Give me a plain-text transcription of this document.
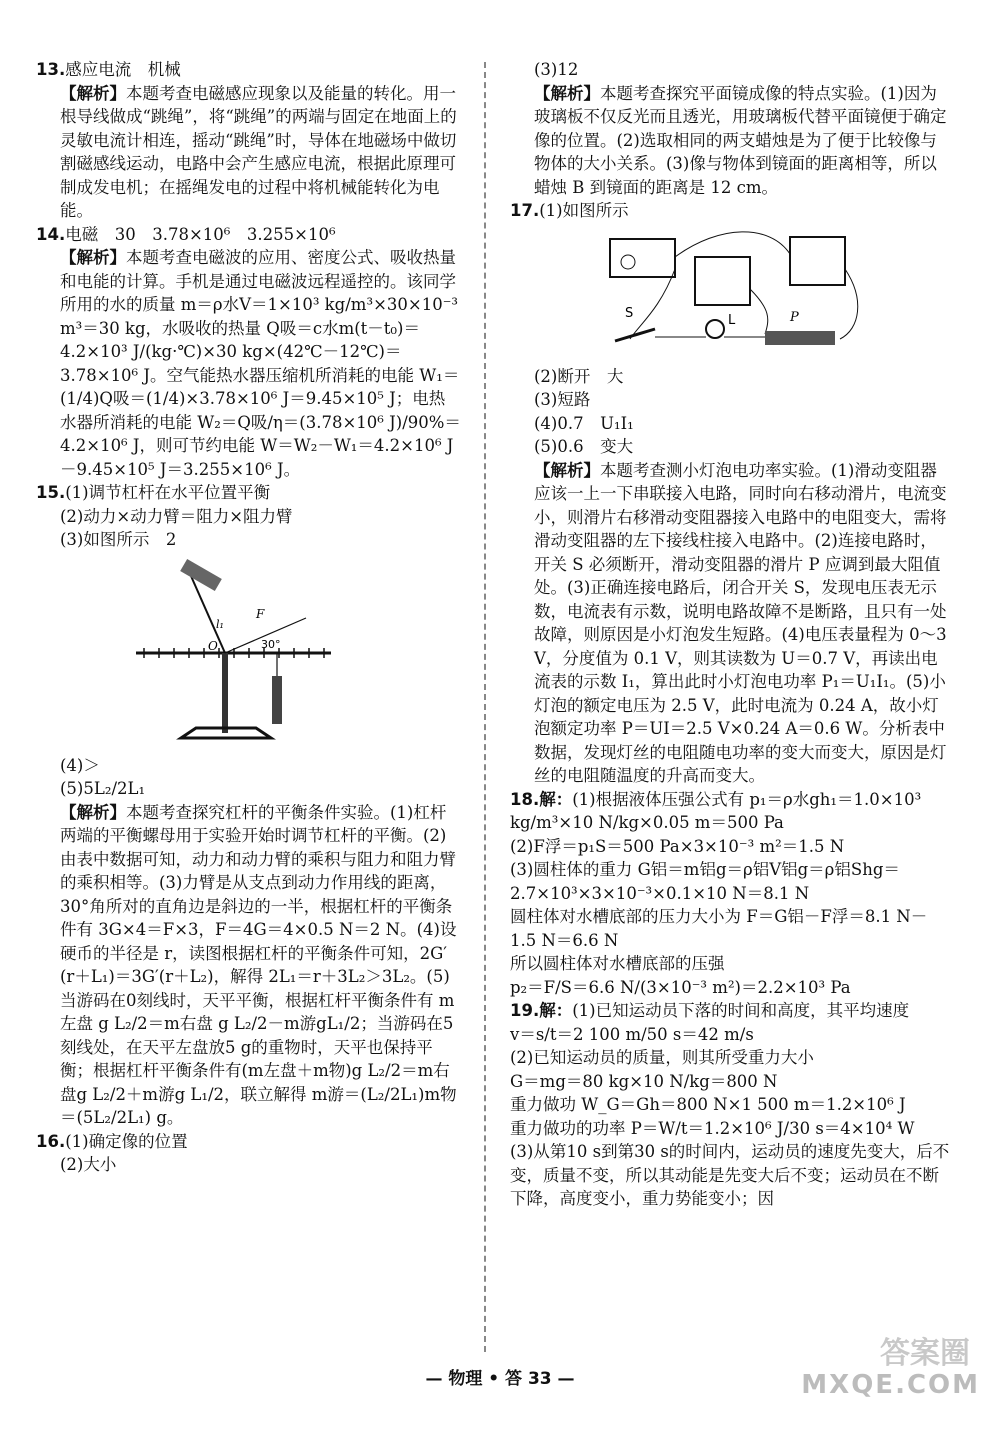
13.感应电流　机械

【解析】本题考查电磁感应现象以及能量的转化。用一根导线做成“跳绳”，将“跳绳”的两端与固定在地面上的灵敏电流计相连，摇动“跳绳”时，导体在地磁场中做切割磁感线运动，电路中会产生感应电流，根据此原理可制成发电机；在摇绳发电的过程中将机械能转化为电能。

14.电磁　30　3.78×10⁶　3.255×10⁶

【解析】本题考查电磁波的应用、密度公式、吸收热量和电能的计算。手机是通过电磁波远程遥控的。该同学所用的水的质量 m＝ρ水V＝1×10³ kg/m³×30×10⁻³ m³＝30 kg，水吸收的热量 Q吸＝c水m(t－t₀)＝4.2×10³ J/(kg·℃)×30 kg×(42℃－12℃)＝3.78×10⁶ J。空气能热水器压缩机所消耗的电能 W₁＝(1/4)Q吸＝(1/4)×3.78×10⁶ J＝9.45×10⁵ J；电热水器所消耗的电能 W₂＝Q吸/η＝(3.78×10⁶ J)/90%＝4.2×10⁶ J，则可节约电能 W＝W₂－W₁＝4.2×10⁶ J－9.45×10⁵ J＝3.255×10⁶ J。

15.(1)调节杠杆在水平位置平衡

(2)动力×动力臂＝阻力×阻力臂

(3)如图所示　2

O
F
l₁
30°

(4)＞

(5)5L₂/2L₁

【解析】本题考查探究杠杆的平衡条件实验。(1)杠杆两端的平衡螺母用于实验开始时调节杠杆的平衡。(2)由表中数据可知，动力和动力臂的乘积与阻力和阻力臂的乘积相等。(3)力臂是从支点到动力作用线的距离，30°角所对的直角边是斜边的一半，根据杠杆的平衡条件有 3G×4＝F×3，F＝4G＝4×0.5 N＝2 N。(4)设硬币的半径是 r，读图根据杠杆的平衡条件可知，2G′(r＋L₁)＝3G′(r＋L₂)，解得 2L₁＝r＋3L₂＞3L₂。(5)当游码在0刻线时，天平平衡，根据杠杆平衡条件有 m左盘 g L₂/2＝m右盘 g L₂/2－m游gL₁/2；当游码在5刻线处，在天平左盘放5 g的重物时，天平也保持平衡；根据杠杆平衡条件有(m左盘＋m物)g L₂/2＝m右盘g L₂/2＋m游g L₁/2，联立解得 m游＝(L₂/2L₁)m物＝(5L₂/2L₁) g。

16.(1)确定像的位置

(2)大小

(3)12

【解析】本题考查探究平面镜成像的特点实验。(1)因为玻璃板不仅反光而且透光，用玻璃板代替平面镜便于确定像的位置。(2)选取相同的两支蜡烛是为了便于比较像与物体的大小关系。(3)像与物体到镜面的距离相等，所以蜡烛 B 到镜面的距离是 12 cm。

17.(1)如图所示

S	L	P

(2)断开　大

(3)短路

(4)0.7　U₁I₁

(5)0.6　变大

【解析】本题考查测小灯泡电功率实验。(1)滑动变阻器应该一上一下串联接入电路，同时向右移动滑片，电流变小，则滑片右移滑动变阻器接入电路中的电阻变大，需将滑动变阻器的左下接线柱接入电路中。(2)连接电路时，开关 S 必须断开，滑动变阻器的滑片 P 应调到最大阻值处。(3)正确连接电路后，闭合开关 S，发现电压表无示数，电流表有示数，说明电路故障不是断路，且只有一处故障，则原因是小灯泡发生短路。(4)电压表量程为 0～3 V，分度值为 0.1 V，则其读数为 U＝0.7 V，再读出电流表的示数 I₁，算出此时小灯泡电功率 P₁＝U₁I₁。(5)小灯泡的额定电压为 2.5 V，此时电流为 0.24 A，故小灯泡额定功率 P＝UI＝2.5 V×0.24 A＝0.6 W。分析表中数据，发现灯丝的电阻随电功率的变大而变大，原因是灯丝的电阻随温度的升高而变大。

18.解：(1)根据液体压强公式有 p₁＝ρ水gh₁＝1.0×10³ kg/m³×10 N/kg×0.05 m＝500 Pa

(2)F浮＝p₁S＝500 Pa×3×10⁻³ m²＝1.5 N

(3)圆柱体的重力 G铝＝m铝g＝ρ铝V铝g＝ρ铝Shg＝2.7×10³×3×10⁻³×0.1×10 N＝8.1 N

圆柱体对水槽底部的压力大小为 F＝G铝－F浮＝8.1 N－1.5 N＝6.6 N

所以圆柱体对水槽底部的压强

p₂＝F/S＝6.6 N/(3×10⁻³ m²)＝2.2×10³ Pa

19.解：(1)已知运动员下落的时间和高度，其平均速度

v＝s/t＝2 100 m/50 s＝42 m/s

(2)已知运动员的质量，则其所受重力大小

G＝mg＝80 kg×10 N/kg＝800 N

重力做功 W_G＝Gh＝800 N×1 500 m＝1.2×10⁶ J

重力做功的功率 P＝W/t＝1.2×10⁶ J/30 s＝4×10⁴ W

(3)从第10 s到第30 s的时间内，运动员的速度先变大，后不变，质量不变，所以其动能是先变大后不变；运动员在不断下降，高度变小，重力势能变小；因

— 物理 • 答 33 —
答案圈
MXQE.COM
